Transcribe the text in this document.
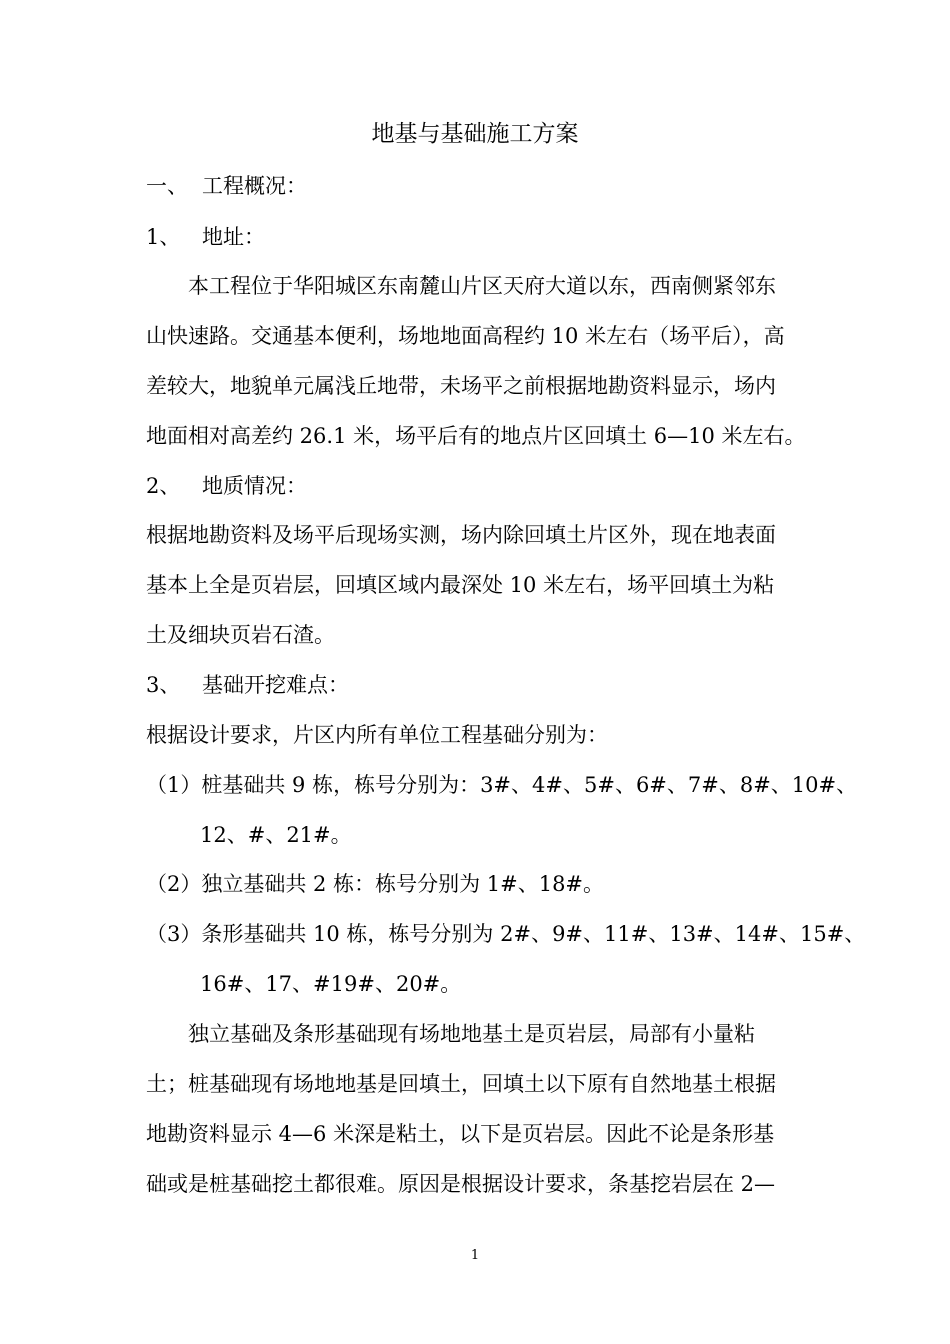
地基与基础施工方案
一、 工程概况：
1、 地址：
本工程位于华阳城区东南麓山片区天府大道以东，西南侧紧邻东
山快速路。交通基本便利，场地地面高程约 10 米左右（场平后），高
差较大，地貌单元属浅丘地带，未场平之前根据地勘资料显示，场内
地面相对高差约 26.1 米，场平后有的地点片区回填土 6—10 米左右。
2、 地质情况：
根据地勘资料及场平后现场实测，场内除回填土片区外，现在地表面
基本上全是页岩层，回填区域内最深处 10 米左右，场平回填土为粘
土及细块页岩石渣。
3、 基础开挖难点：
根据设计要求，片区内所有单位工程基础分别为：
（1）桩基础共 9 栋，栋号分别为：3#、4#、5#、6#、7#、8#、10#、
12、#、21#。
（2）独立基础共 2 栋：栋号分别为 1#、18#。
（3）条形基础共 10 栋，栋号分别为 2#、9#、11#、13#、14#、15#、
16#、17、#19#、20#。
独立基础及条形基础现有场地地基土是页岩层，局部有小量粘
土；桩基础现有场地地基是回填土，回填土以下原有自然地基土根据
地勘资料显示 4—6 米深是粘土，以下是页岩层。因此不论是条形基
础或是桩基础挖土都很难。原因是根据设计要求，条基挖岩层在 2—
1
